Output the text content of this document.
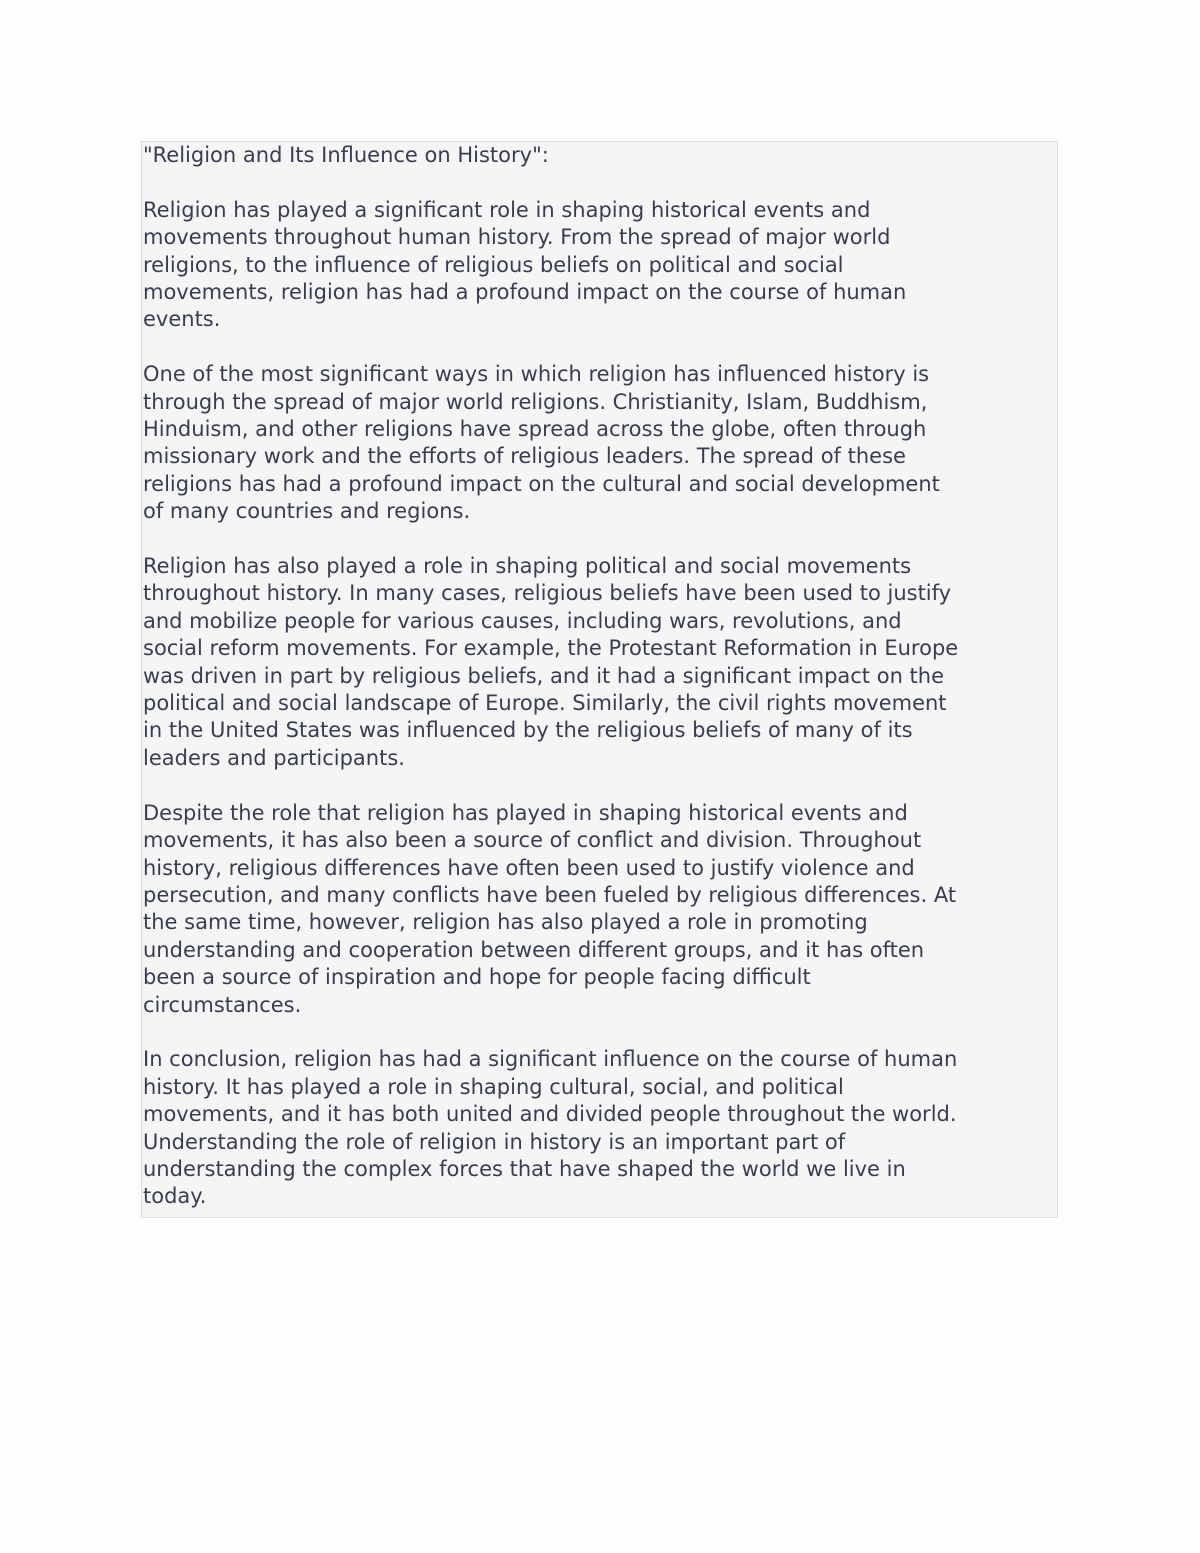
"Religion and Its Influence on History":

Religion has played a significant role in shaping historical events and
movements throughout human history. From the spread of major world
religions, to the influence of religious beliefs on political and social
movements, religion has had a profound impact on the course of human
events.

One of the most significant ways in which religion has influenced history is
through the spread of major world religions. Christianity, Islam, Buddhism,
Hinduism, and other religions have spread across the globe, often through
missionary work and the efforts of religious leaders. The spread of these
religions has had a profound impact on the cultural and social development
of many countries and regions.

Religion has also played a role in shaping political and social movements
throughout history. In many cases, religious beliefs have been used to justify
and mobilize people for various causes, including wars, revolutions, and
social reform movements. For example, the Protestant Reformation in Europe
was driven in part by religious beliefs, and it had a significant impact on the
political and social landscape of Europe. Similarly, the civil rights movement
in the United States was influenced by the religious beliefs of many of its
leaders and participants.

Despite the role that religion has played in shaping historical events and
movements, it has also been a source of conflict and division. Throughout
history, religious differences have often been used to justify violence and
persecution, and many conflicts have been fueled by religious differences. At
the same time, however, religion has also played a role in promoting
understanding and cooperation between different groups, and it has often
been a source of inspiration and hope for people facing difficult
circumstances.

In conclusion, religion has had a significant influence on the course of human
history. It has played a role in shaping cultural, social, and political
movements, and it has both united and divided people throughout the world.
Understanding the role of religion in history is an important part of
understanding the complex forces that have shaped the world we live in
today.
